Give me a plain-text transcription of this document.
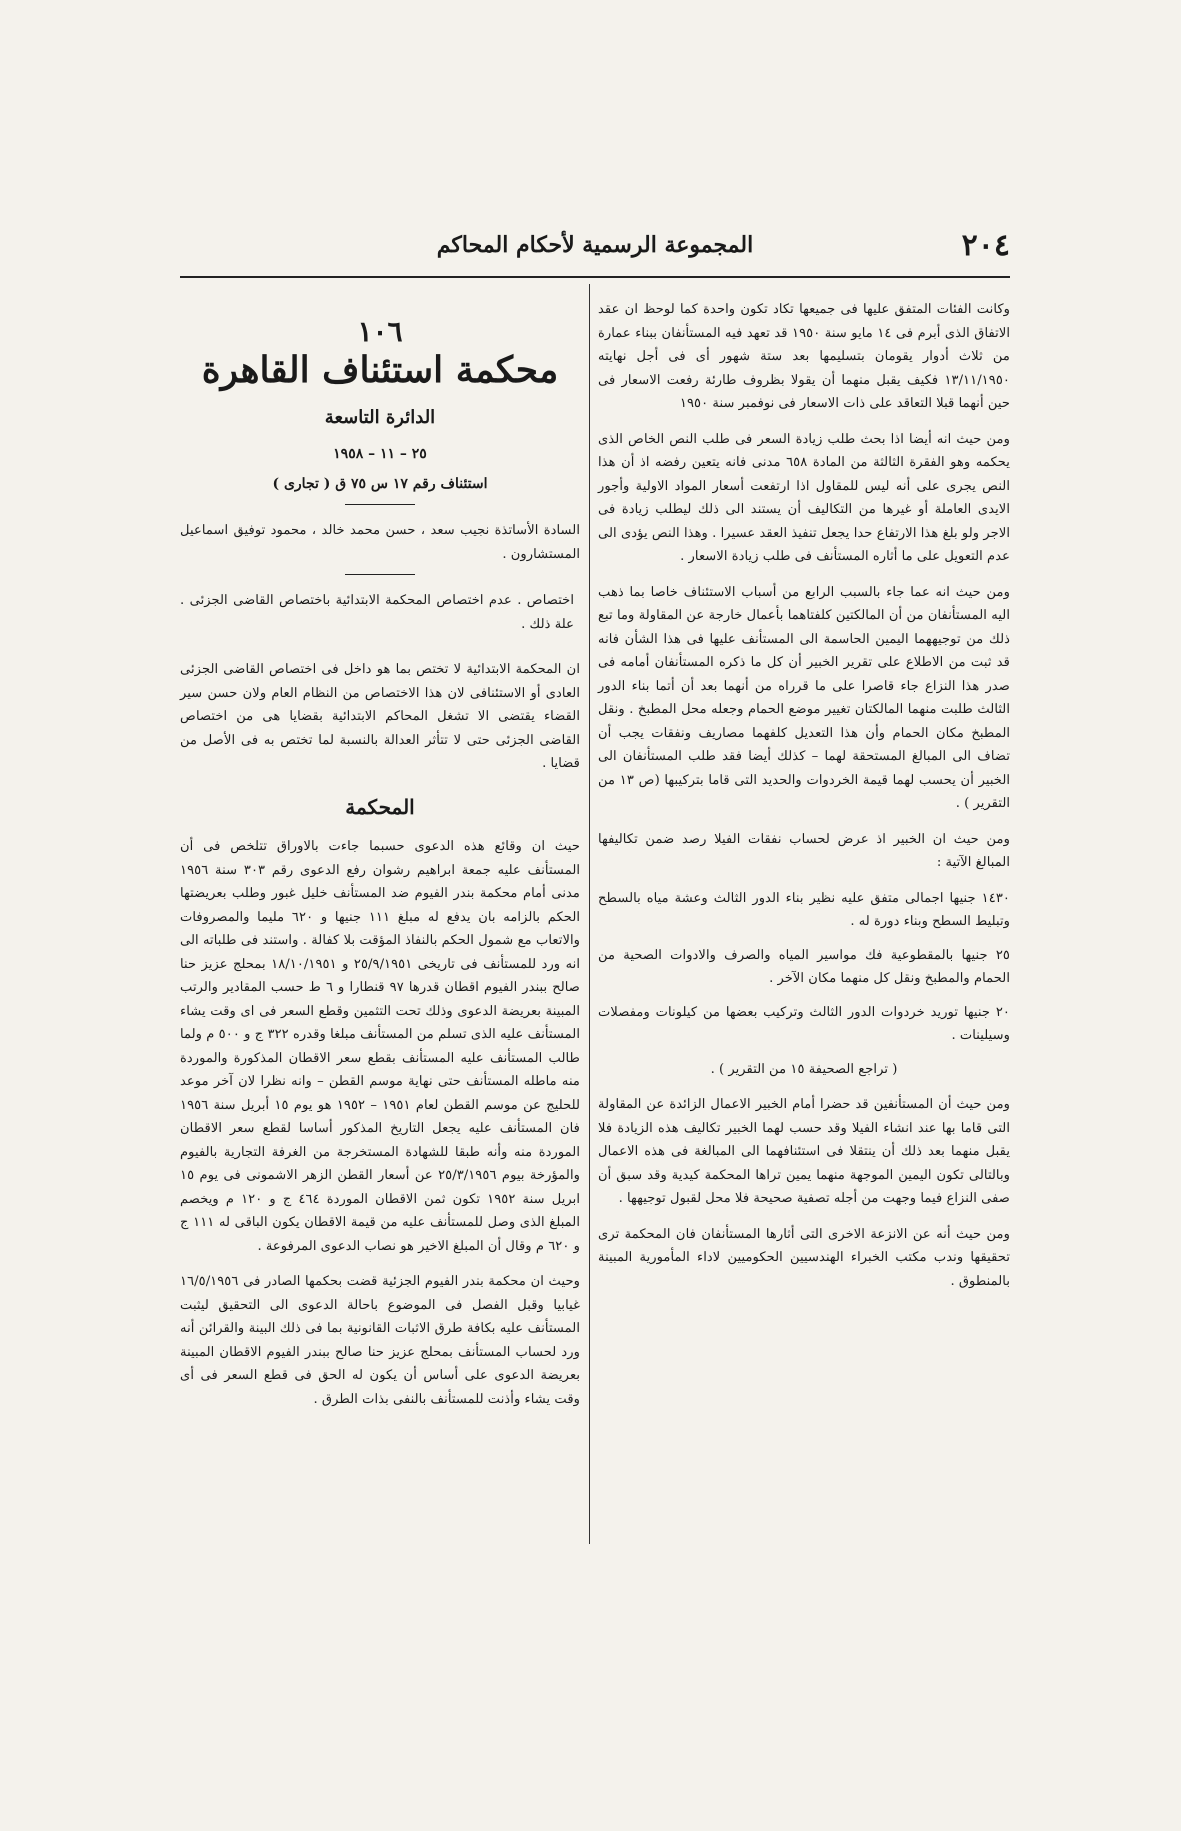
٢٠٤
المجموعة الرسمية لأحكام المحاكم

وكانت الفئات المتفق عليها فى جميعها تكاد تكون واحدة كما لوحظ ان عقد الاتفاق الذى أبرم فى ١٤ مايو سنة ١٩٥٠ قد تعهد فيه المستأنفان ببناء عمارة من ثلاث أدوار يقومان بتسليمها بعد ستة شهور أى فى أجل نهايته ١٣/١١/١٩٥٠ فكيف يقبل منهما أن يقولا بظروف طارئة رفعت الاسعار فى حين أنهما قبلا التعاقد على ذات الاسعار فى نوفمبر سنة ١٩٥٠

ومن حيث انه أيضا اذا بحث طلب زيادة السعر فى طلب النص الخاص الذى يحكمه وهو الفقرة الثالثة من المادة ٦٥٨ مدنى فانه يتعين رفضه اذ أن هذا النص يجرى على أنه ليس للمقاول اذا ارتفعت أسعار المواد الاولية وأجور الايدى العاملة أو غيرها من التكاليف أن يستند الى ذلك ليطلب زيادة فى الاجر ولو بلغ هذا الارتفاع حدا يجعل تنفيذ العقد عسيرا . وهذا النص يؤدى الى عدم التعويل على ما أثاره المستأنف فى طلب زيادة الاسعار .

ومن حيث انه عما جاء بالسبب الرابع من أسباب الاستئناف خاصا بما ذهب اليه المستأنفان من أن المالكتين كلفتاهما بأعمال خارجة عن المقاولة وما تبع ذلك من توجيههما اليمين الحاسمة الى المستأنف عليها فى هذا الشأن فانه قد ثبت من الاطلاع على تقرير الخبير أن كل ما ذكره المستأنفان أمامه فى صدر هذا النزاع جاء قاصرا على ما قرراه من أنهما بعد أن أتما بناء الدور الثالث طلبت منهما المالكتان تغيير موضع الحمام وجعله محل المطبخ . ونقل المطبخ مكان الحمام وأن هذا التعديل كلفهما مصاريف ونفقات يجب أن تضاف الى المبالغ المستحقة لهما – كذلك أيضا فقد طلب المستأنفان الى الخبير أن يحسب لهما قيمة الخردوات والحديد التى قاما بتركيبها (ص ١٣ من التقرير ) .

ومن حيث ان الخبير اذ عرض لحساب نفقات الفيلا رصد ضمن تكاليفها المبالغ الآتية :

١٤٣٠ جنيها اجمالى متفق عليه نظير بناء الدور الثالث وعشة مياه بالسطح وتبليط السطح وبناء دورة له .

٢٥ جنيها بالمقطوعية فك مواسير المياه والصرف والادوات الصحية من الحمام والمطبخ ونقل كل منهما مكان الآخر .

٢٠ جنيها توريد خردوات الدور الثالث وتركيب بعضها من كيلونات ومفصلات وسيلينات .

( تراجع الصحيفة ١٥ من التقرير ) .

ومن حيث أن المستأنفين قد حضرا أمام الخبير الاعمال الزائدة عن المقاولة التى قاما بها عند انشاء الفيلا وقد حسب لهما الخبير تكاليف هذه الزيادة فلا يقبل منهما بعد ذلك أن ينتقلا فى استئنافهما الى المبالغة فى هذه الاعمال وبالتالى تكون اليمين الموجهة منهما يمين تراها المحكمة كيدية وقد سبق أن صفى النزاع فيما وجهت من أجله تصفية صحيحة فلا محل لقبول توجيهها .

ومن حيث أنه عن الانزعة الاخرى التى أثارها المستأنفان فان المحكمة ترى تحقيقها وندب مكتب الخبراء الهندسيين الحكوميين لاداء المأمورية المبينة بالمنطوق .

١٠٦
محكمة استئناف القاهرة
الدائرة التاسعة
٢٥ – ١١ – ١٩٥٨
استئناف رقم ١٧ س ٧٥ ق ( تجارى )
السادة الأساتذة نجيب سعد ، حسن محمد خالد ، محمود توفيق اسماعيل المستشارون .
اختصاص . عدم اختصاص المحكمة الابتدائية باختصاص القاضى الجزئى . علة ذلك .
ان المحكمة الابتدائية لا تختص بما هو داخل فى اختصاص القاضى الجزئى العادى أو الاستئنافى لان هذا الاختصاص من النظام العام ولان حسن سير القضاء يقتضى الا تشغل المحاكم الابتدائية بقضايا هى من اختصاص القاضى الجزئى حتى لا تتأثر العدالة بالنسبة لما تختص به فى الأصل من قضايا .
المحكمة

حيث ان وقائع هذه الدعوى حسبما جاءت بالاوراق تتلخص فى أن المستأنف عليه جمعة ابراهيم رشوان رفع الدعوى رقم ٣٠٣ سنة ١٩٥٦ مدنى أمام محكمة بندر الفيوم ضد المستأنف خليل غبور وطلب بعريضتها الحكم بالزامه بان يدفع له مبلغ ١١١ جنيها و ٦٢٠ مليما والمصروفات والاتعاب مع شمول الحكم بالنفاذ المؤقت بلا كفالة . واستند فى طلباته الى انه ورد للمستأنف فى تاريخى ٢٥/٩/١٩٥١ و ١٨/١٠/١٩٥١ بمحلج عزيز حنا صالح ببندر الفيوم اقطان قدرها ٩٧ قنطارا و ٦ ط حسب المقادير والرتب المبينة بعريضة الدعوى وذلك تحت التثمين وقطع السعر فى اى وقت يشاء المستأنف عليه الذى تسلم من المستأنف مبلغا وقدره ٣٢٢ ج و ٥٠٠ م ولما طالب المستأنف عليه المستأنف بقطع سعر الاقطان المذكورة والموردة منه ماطله المستأنف حتى نهاية موسم القطن – وانه نظرا لان آخر موعد للحليج عن موسم القطن لعام ١٩٥١ – ١٩٥٢ هو يوم ١٥ أبريل سنة ١٩٥٦ فان المستأنف عليه يجعل التاريخ المذكور أساسا لقطع سعر الاقطان الموردة منه وأنه طبقا للشهادة المستخرجة من الغرفة التجارية بالفيوم والمؤرخة بيوم ٢٥/٣/١٩٥٦ عن أسعار القطن الزهر الاشمونى فى يوم ١٥ ابريل سنة ١٩٥٢ تكون ثمن الاقطان الموردة ٤٦٤ ج و ١٢٠ م ويخصم المبلغ الذى وصل للمستأنف عليه من قيمة الاقطان يكون الباقى له ١١١ ج و ٦٢٠ م وقال أن المبلغ الاخير هو نصاب الدعوى المرفوعة .

وحيث ان محكمة بندر الفيوم الجزئية قضت بحكمها الصادر فى ١٦/٥/١٩٥٦ غيابيا وقبل الفصل فى الموضوع باحالة الدعوى الى التحقيق ليثبت المستأنف عليه بكافة طرق الاثبات القانونية بما فى ذلك البينة والقرائن أنه ورد لحساب المستأنف بمحلج عزيز حنا صالح ببندر الفيوم الاقطان المبينة بعريضة الدعوى على أساس أن يكون له الحق فى قطع السعر فى أى وقت يشاء وأذنت للمستأنف بالنفى بذات الطرق .
